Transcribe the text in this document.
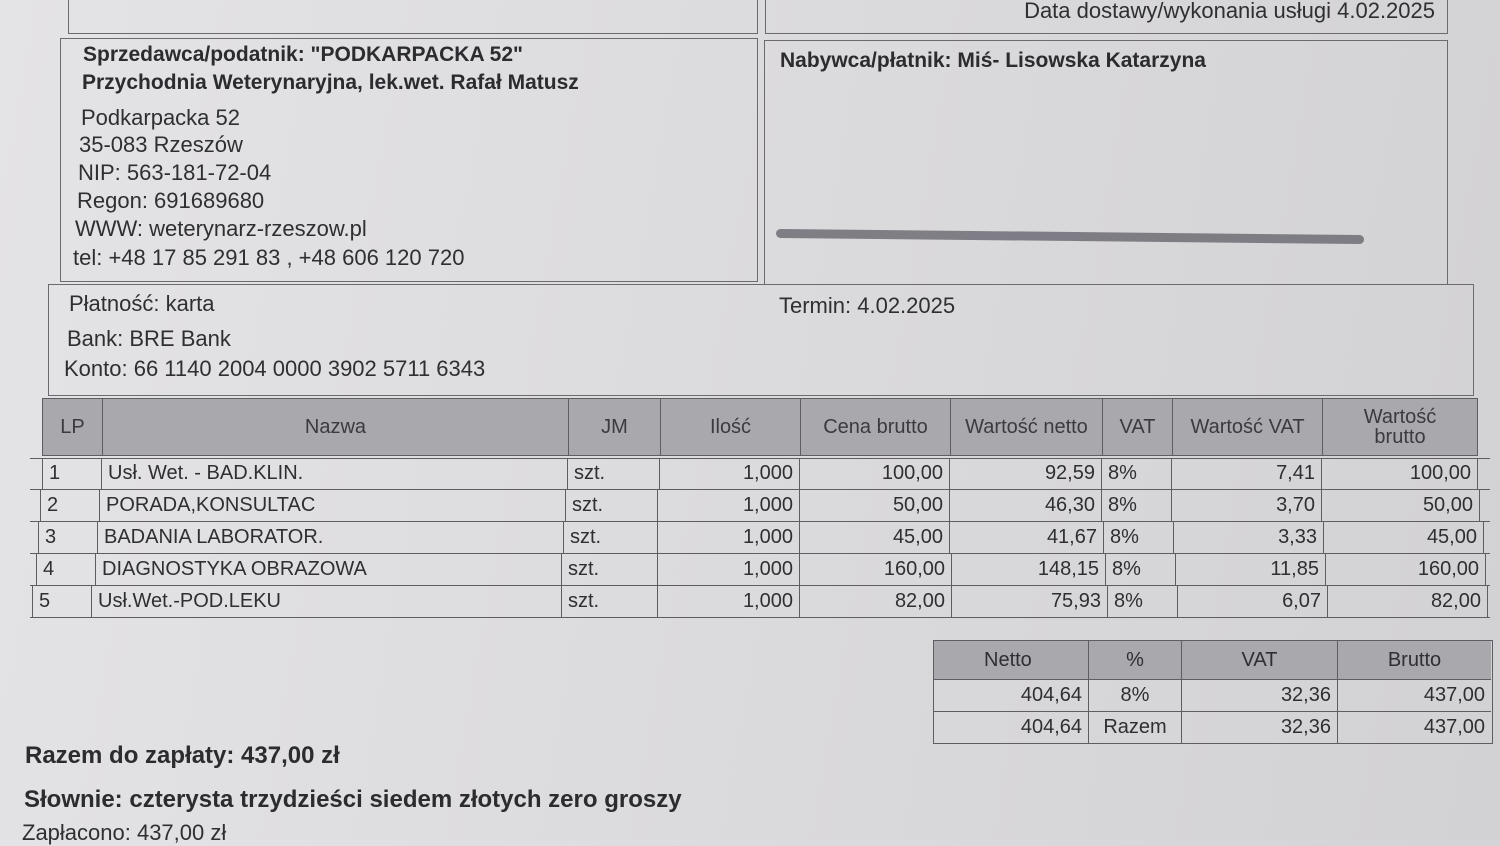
Data dostawy/wykonania usługi 4.02.2025
Sprzedawca/podatnik: "PODKARPACKA 52"
Przychodnia Weterynaryjna, lek.wet. Rafał Matusz
Podkarpacka 52
35-083 Rzeszów
NIP: 563-181-72-04
Regon: 691689680
WWW: weterynarz-rzeszow.pl
tel: +48 17 85 291 83 , +48 606 120 720
Nabywca/płatnik: Miś- Lisowska Katarzyna
Płatność: karta	Termin: 4.02.2025
Bank: BRE Bank
Konto: 66 1140 2004 0000 3902 5711 6343
LP	Nazwa	JM	Ilość	Cena brutto	Wartość netto	VAT	Wartość VAT	Wartość brutto
1	Usł. Wet. - BAD.KLIN.	szt.	1,000	100,00	92,59 8%	7,41	100,00
2	PORADA,KONSULTAC	szt.	1,000	50,00	46,30 8%	3,70	50,00
3	BADANIA LABORATOR.	szt.	1,000	45,00	41,67 8%	3,33	45,00
4	DIAGNOSTYKA OBRAZOWA	szt.	1,000	160,00	148,15 8%	11,85	160,00
5	Usł.Wet.-POD.LEKU	szt.	1,000	82,00	75,93 8%	6,07	82,00
Netto	%	VAT	Brutto
404,64	8%	32,36	437,00
404,64	Razem	32,36	437,00
Razem do zapłaty: 437,00 zł
Słownie: czterysta trzydzieści siedem złotych zero groszy
Zapłacono: 437,00 zł
